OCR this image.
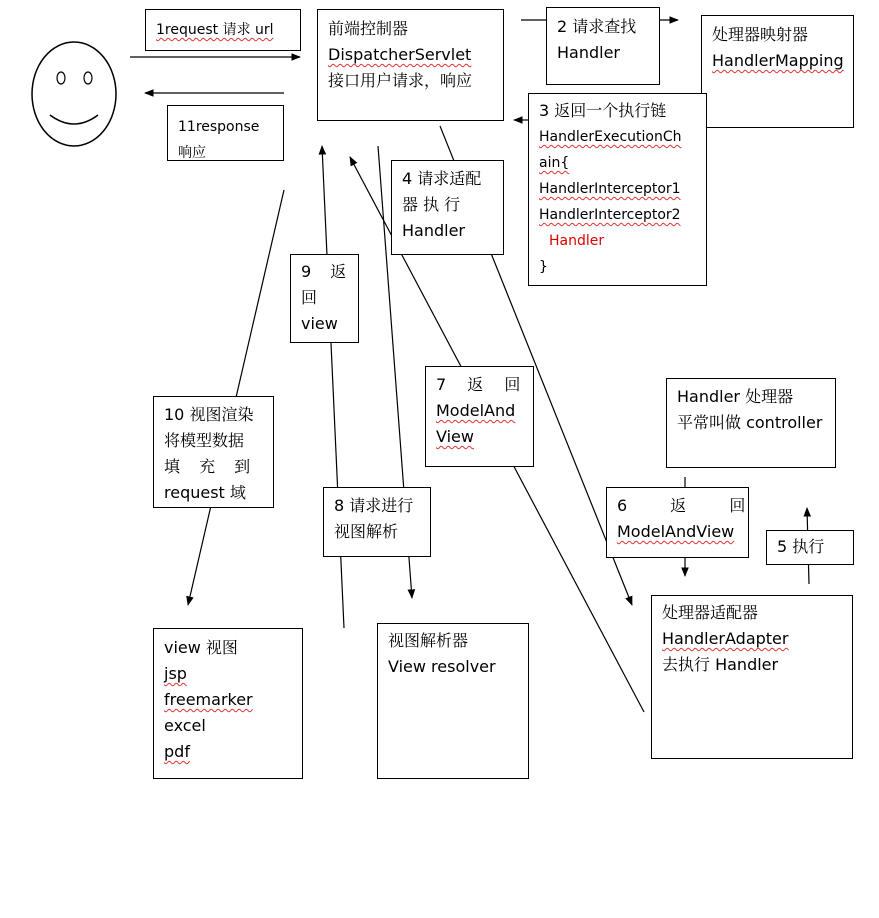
1request 请求 url	前端控制器
DispatcherServlet
接口用户请求，响应
2 请求查找
Handler
处理器映射器
HandlerMapping
11response
响应
3 返回一个执行链
HandlerExecutionCh
ain{
HandlerInterceptor1
HandlerInterceptor2
Handler
}
4 请求适配
器 执 行
Handler
9 返
回
view
7 返 回
ModelAnd
View
Handler 处理器
平常叫做 controller
10 视图渲染
将模型数据
填 充 到
request 域
8 请求进行
视图解析
6 返 回
ModelAndView
5 执行
处理器适配器
HandlerAdapter
去执行 Handler
view 视图
jsp
freemarker
excel
pdf
视图解析器
View resolver
